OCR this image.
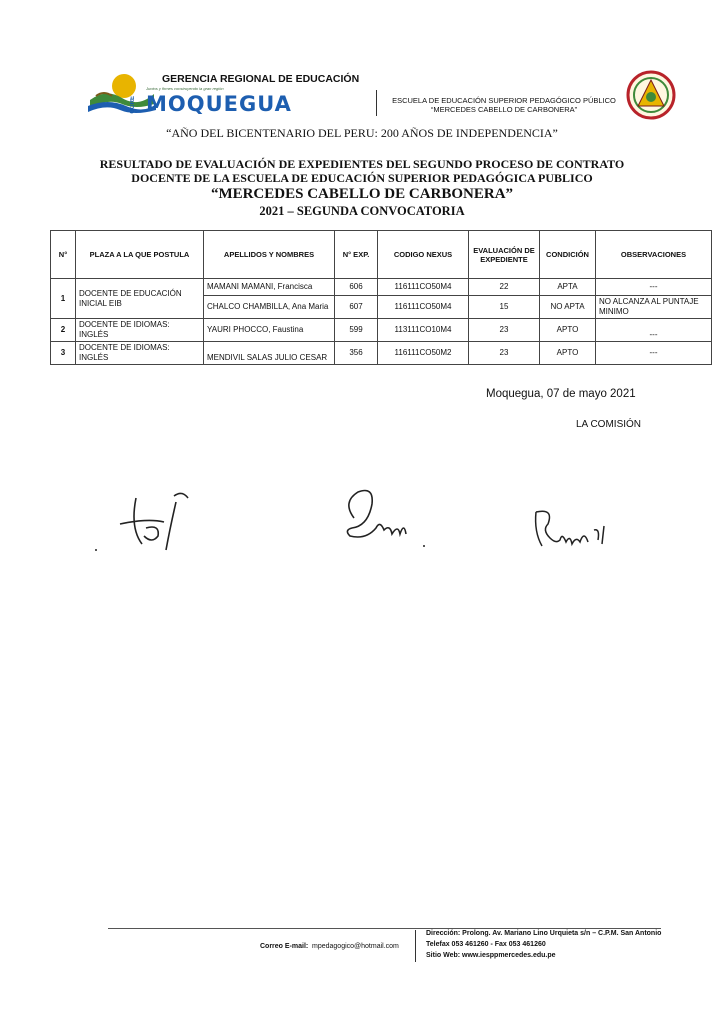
GERENCIA REGIONAL DE EDUCACIÓN
Juntos y firmes construyendo la gran región
GORE MOQUEGUA	ESCUELA DE EDUCACIÓN SUPERIOR PEDAGÓGICO PÚBLICO
“MERCEDES CABELLO DE CARBONERA”
“AÑO DEL BICENTENARIO DEL PERU: 200 AÑOS DE INDEPENDENCIA”
RESULTADO DE EVALUACIÓN DE EXPEDIENTES DEL SEGUNDO PROCESO DE CONTRATO
DOCENTE DE LA ESCUELA DE EDUCACIÓN SUPERIOR PEDAGÓGICA PUBLICO
“MERCEDES CABELLO DE CARBONERA”
2021 – SEGUNDA CONVOCATORIA
N°	PLAZA A LA QUE POSTULA	APELLIDOS Y NOMBRES	N° EXP.	CODIGO NEXUS	EVALUACIÓN DE EXPEDIENTE	CONDICIÓN	OBSERVACIONES
1	DOCENTE DE EDUCACIÓN INICIAL EIB	MAMANI MAMANI, Francisca	606	116111CO50M4	22	APTA	---
		CHALCO CHAMBILLA, Ana Maria	607	116111CO50M4	15	NO APTA	NO ALCANZA AL PUNTAJE MINIMO
2	DOCENTE DE IDIOMAS: INGLÉS	YAURI PHOCCO, Faustina	599	113111CO10M4	23	APTO	---
3	DOCENTE DE IDIOMAS: INGLÉS	MENDIVIL SALAS JULIO CESAR	356	116111CO50M2	23	APTO	---
Moquegua, 07 de mayo 2021
LA COMISIÓN
Correo E-mail: mpedagogico@hotmail.com
Dirección: Prolong. Av. Mariano Lino Urquieta s/n – C.P.M. San Antonio
Telefax 053 461260 - Fax 053 461260
Sitio Web: www.iesppmercedes.edu.pe
